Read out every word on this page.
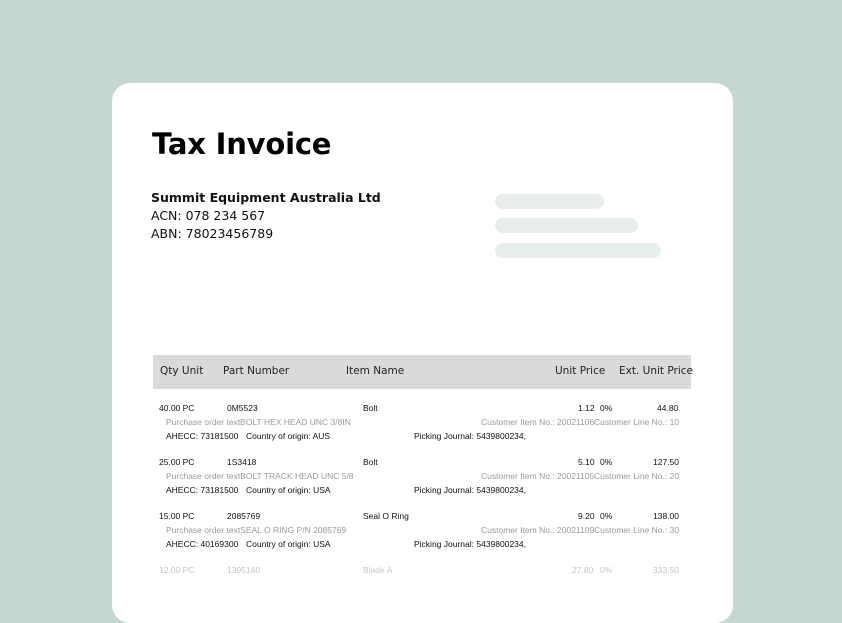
Tax Invoice
Summit Equipment Australia Ltd
ACN: 078 234 567
ABN: 78023456789
Qty Unit Part Number	Item Name	Unit Price Ext. Unit Price
40.00 PC	0M5523	Bolt	1.12 0%	44.80
Purchase order textBOLT HEX HEAD UNC 3/8IN	Customer Item No.: 20021106 Customer Line No.: 10
AHECC: 73181500 Country of origin: AUS	Picking Journal: 5439800234,
25.00 PC	1S3418	Bolt	5.10 0%	127.50
Purchase order textBOLT TRACK HEAD UNC 5/8	Customer Item No.: 20021105 Customer Line No.: 20
AHECC: 73181500 Country of origin: USA	Picking Journal: 5439800234,
15.00 PC	2085769	Seal O Ring	9.20 0%	138.00
Purchase order textSEAL O RING P/N 2085769	Customer Item No.: 20021109 Customer Line No.: 30
AHECC: 40169300 Country of origin: USA	Picking Journal: 5439800234,
12.00 PC	1395140	Blade A	27.80 0%	333.50
